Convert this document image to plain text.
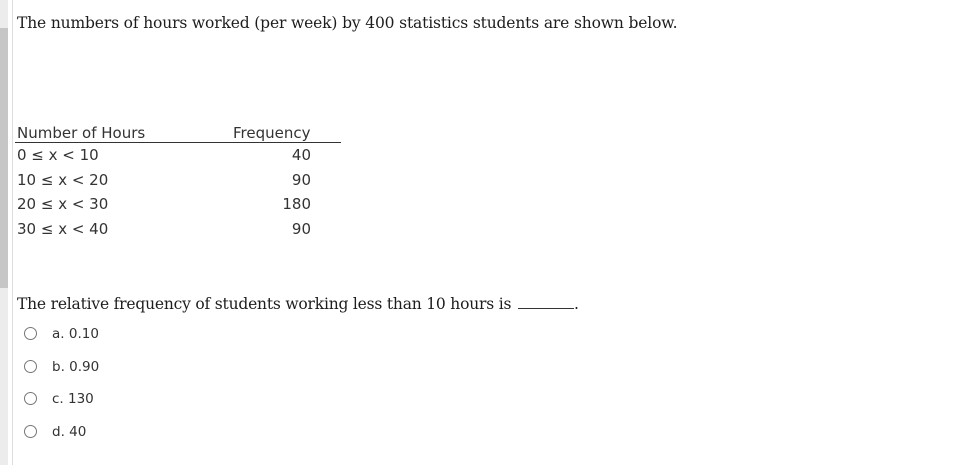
The numbers of hours worked (per week) by 400 statistics students are shown below.
Number of Hours	Frequency
0 ≤ x < 10	40
10 ≤ x < 20	90
20 ≤ x < 30	180
30 ≤ x < 40	90
The relative frequency of students working less than 10 hours is	.
a. 0.10
b. 0.90
c. 130
d. 40
